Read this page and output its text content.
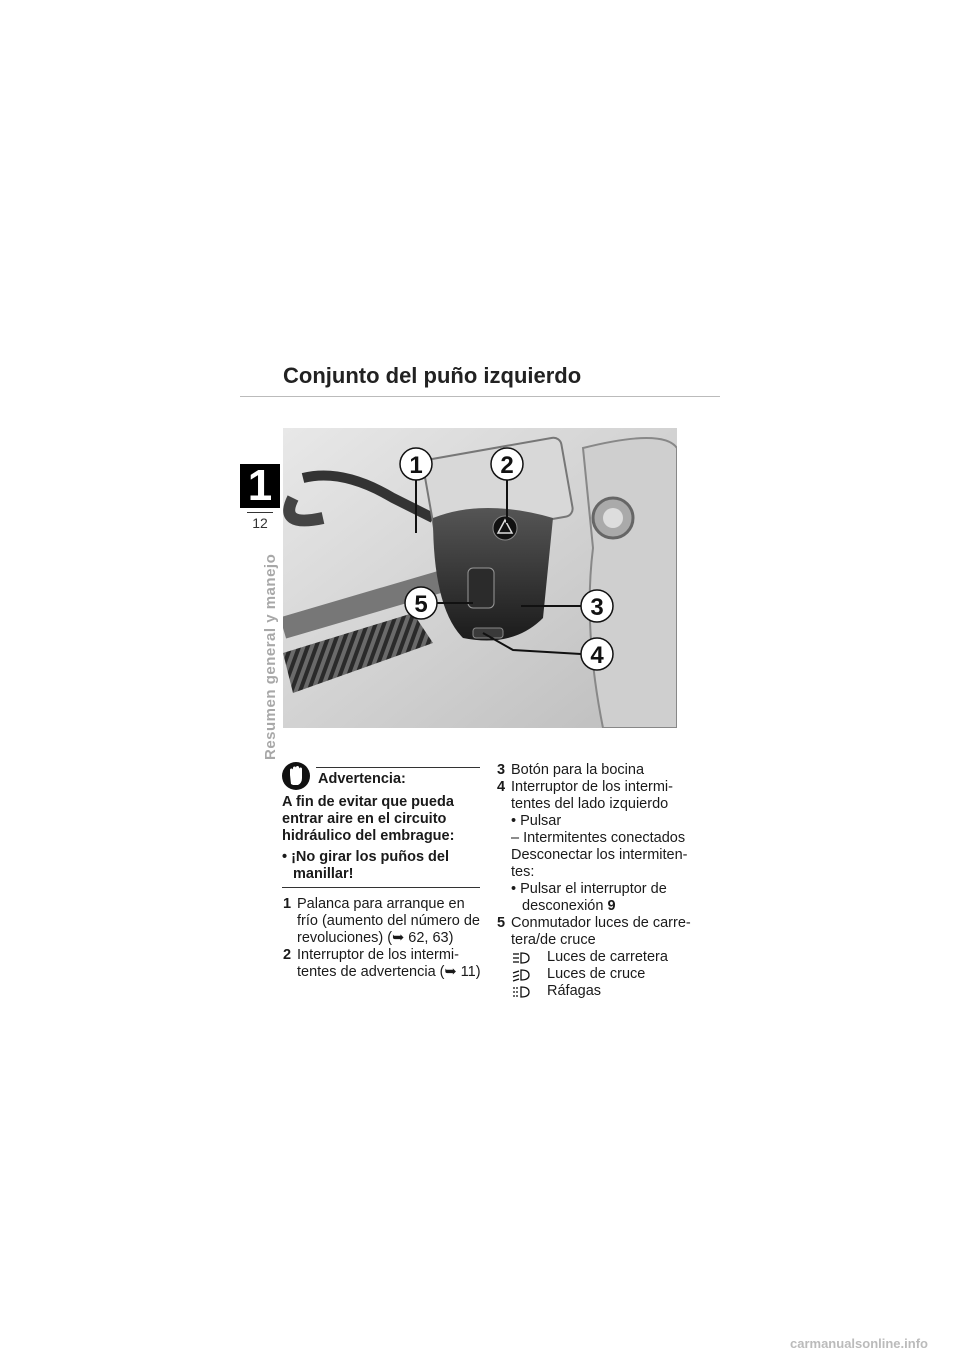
1
12
Resumen general y manejo
Conjunto del puño izquierdo
1	2
3
4
5
Advertencia:
A fin de evitar que pueda entrar aire en el circuito hidráulico del embrague:
• ¡No girar los puños del manillar!
1 Palanca para arranque en frío (aumento del número de revoluciones) (➥ 62, 63)
2 Interruptor de los intermitentes de advertencia (➥ 11)
3 Botón para la bocina
4 Interruptor de los intermitentes del lado izquierdo
• Pulsar
– Intermitentes conectados
Desconectar los intermitentes:
• Pulsar el interruptor de desconexión 9
5 Conmutador luces de carretera/de cruce
Luces de carretera
Luces de cruce
Ráfagas
carmanualsonline.info
